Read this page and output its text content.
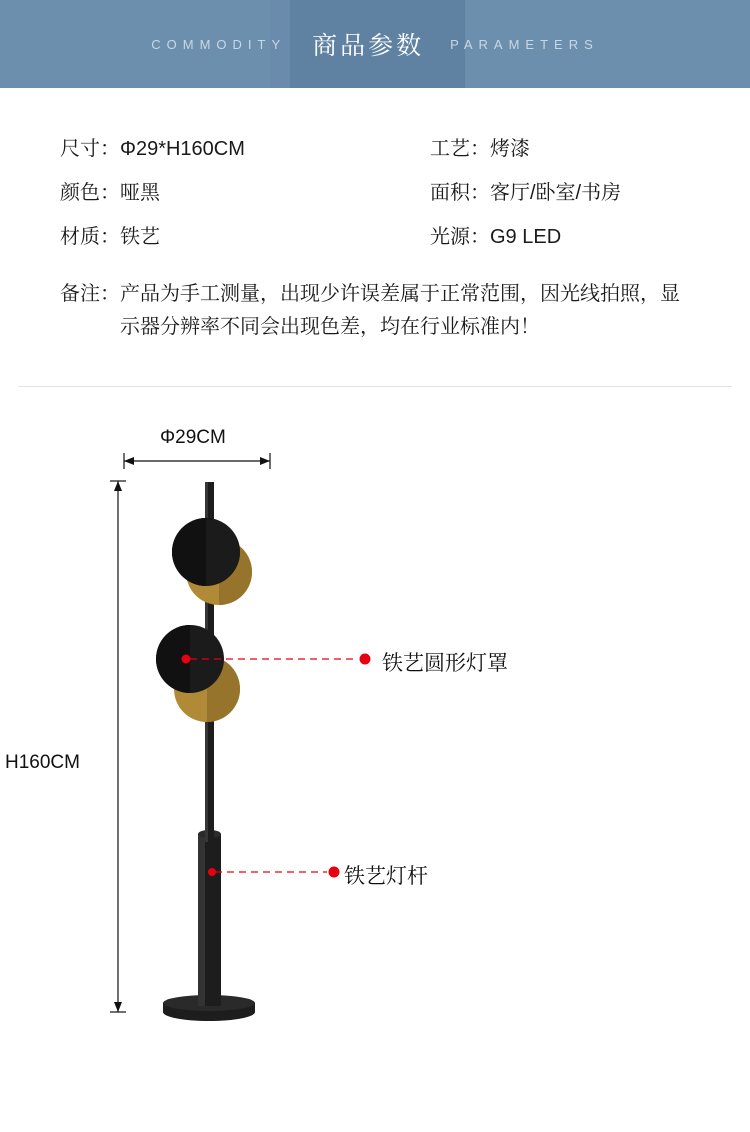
COMMODITY 商品参数 PARAMETERS
尺寸：Φ29*H160CM	工艺：烤漆
颜色：哑黑	面积：客厅/卧室/书房
材质：铁艺	光源：G9 LED
备注：产品为手工测量，出现少许误差属于正常范围，因光线拍照，显示器分辨率不同会出现色差，均在行业标准内！
Φ29CM
H160CM
铁艺圆形灯罩
铁艺灯杆
